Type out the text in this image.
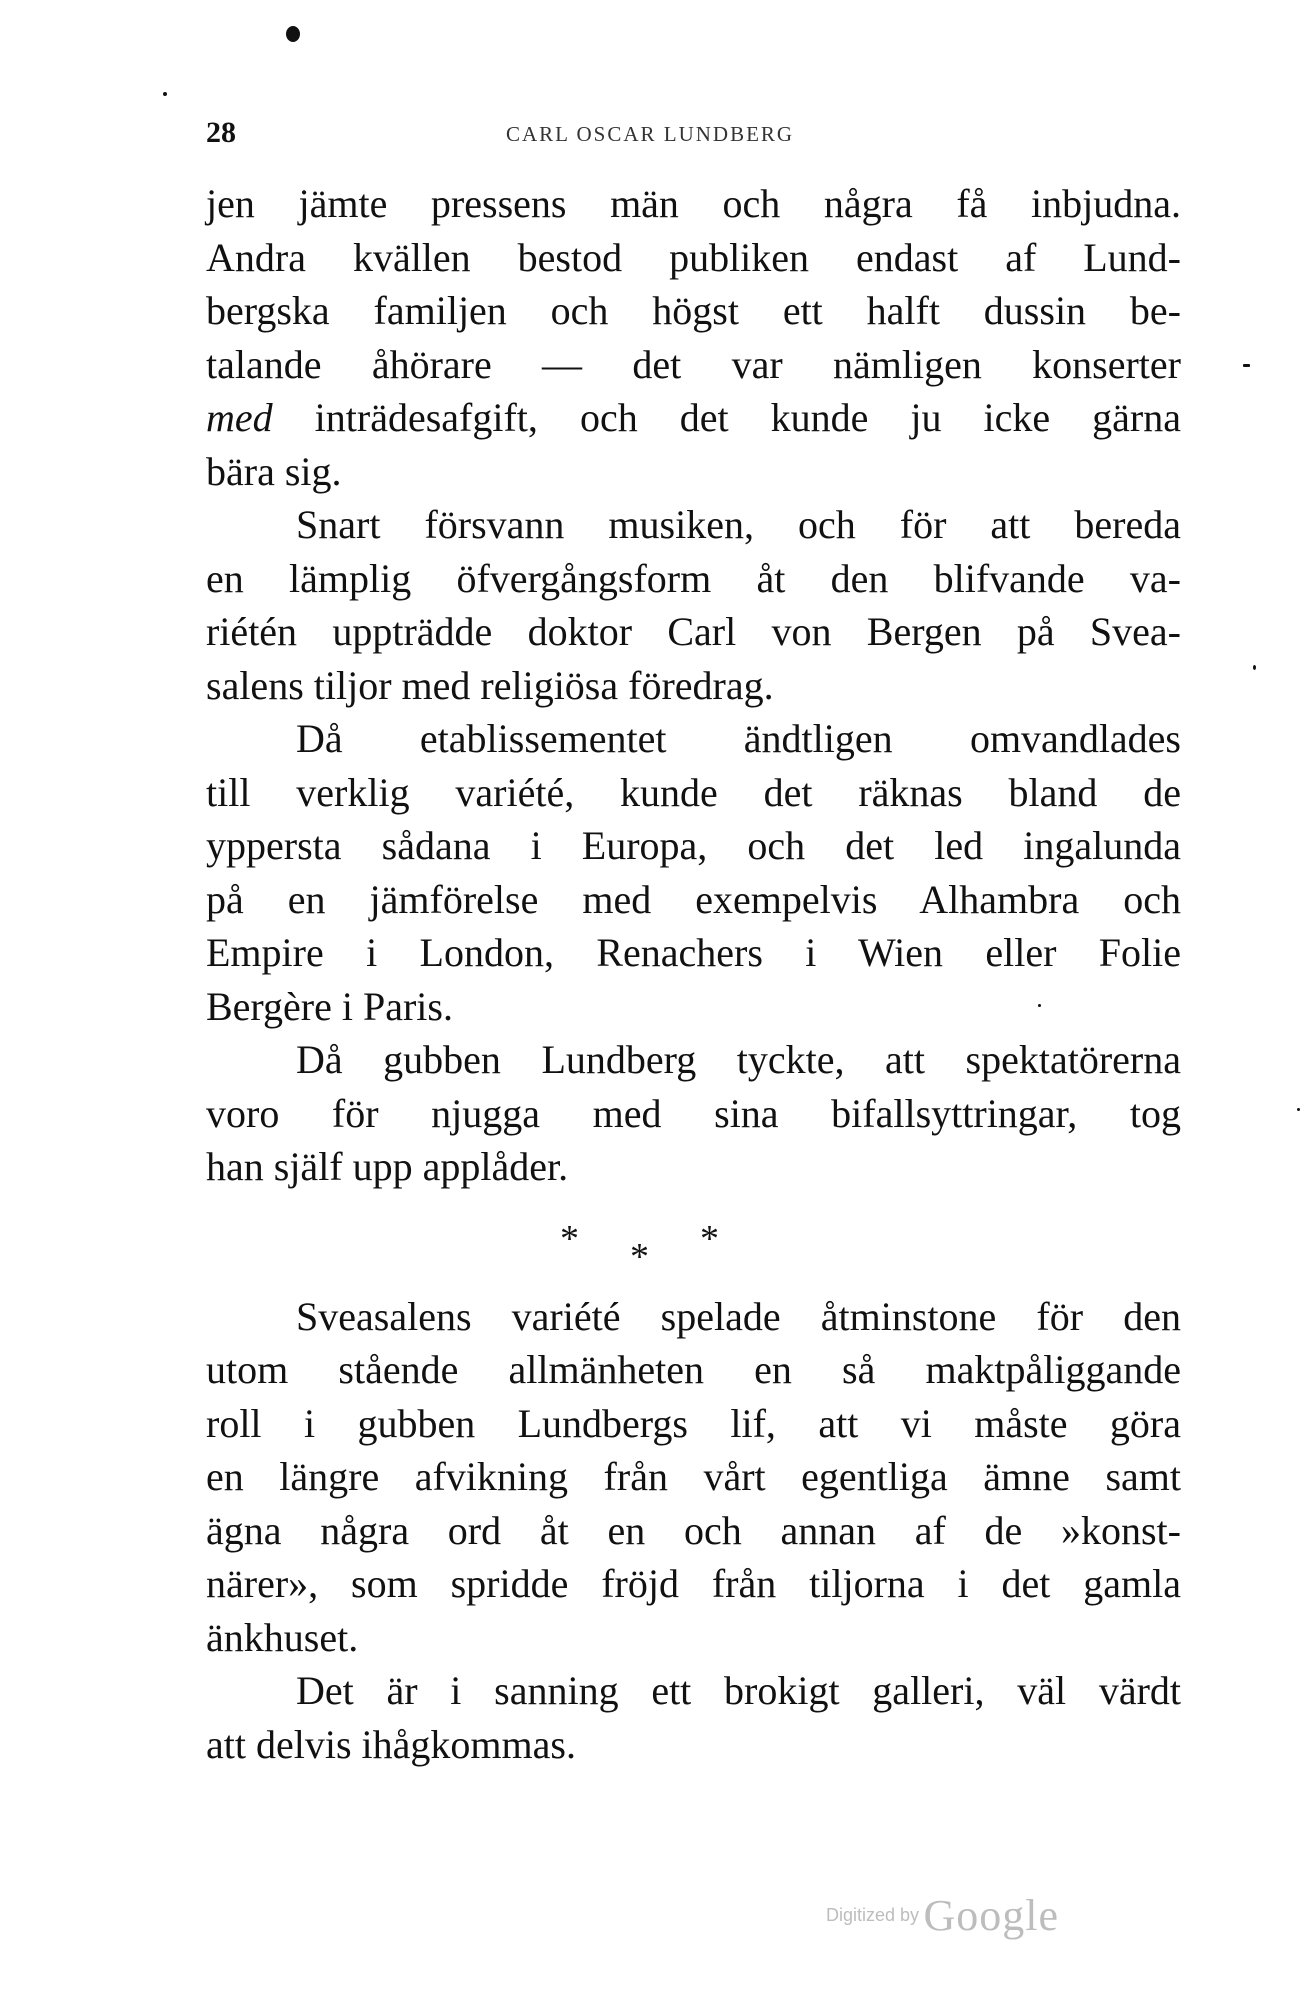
28	CARL OSCAR LUNDBERG
jen jämte pressens män och några få inbjudna.
Andra kvällen bestod publiken endast af Lund-
bergska familjen och högst ett halft dussin be-
talande åhörare — det var nämligen konserter
med inträdesafgift, och det kunde ju icke gärna
bära sig.
Snart försvann musiken, och för att bereda
en lämplig öfvergångsform åt den blifvande va-
riétén uppträdde doktor Carl von Bergen på Svea-
salens tiljor med religiösa föredrag.
Då etablissementet ändtligen omvandlades
till verklig variété, kunde det räknas bland de
yppersta sådana i Europa, och det led ingalunda
på en jämförelse med exempelvis Alhambra och
Empire i London, Renachers i Wien eller Folie
Bergère i Paris.
Då gubben Lundberg tyckte, att spektatörerna
voro för njugga med sina bifallsyttringar, tog
han själf upp applåder.
* * *
Sveasalens variété spelade åtminstone för den
utom stående allmänheten en så maktpåliggande
roll i gubben Lundbergs lif, att vi måste göra
en längre afvikning från vårt egentliga ämne samt
ägna några ord åt en och annan af de »konst-
närer», som spridde fröjd från tiljorna i det gamla
änkhuset.
Det är i sanning ett brokigt galleri, väl värdt
att delvis ihågkommas.
Digitized by Google
